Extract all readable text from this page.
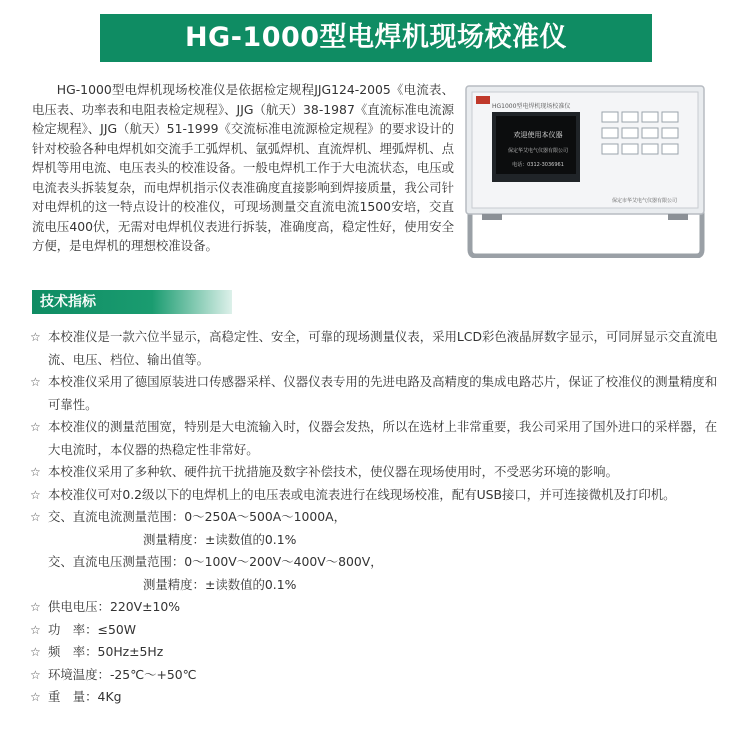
HG-1000型电焊机现场校准仪
HG1000型电焊机现场校准仪
欢迎使用本仪器
保定华艾电气仪器有限公司
电话：0312-3036961
保定市华艾电气仪器有限公司

HG-1000型电焊机现场校准仪是依据检定规程JJG124-2005《电流表、电压表、功率表和电阻表检定规程》、JJG（航天）38-1987《直流标准电流源检定规程》、JJG（航天）51-1999《交流标准电流源检定规程》的要求设计的针对校验各种电焊机如交流手工弧焊机、氩弧焊机、直流焊机、埋弧焊机、点焊机等用电流、电压表头的校准设备。一般电焊机工作于大电流状态，电压或电流表头拆装复杂，而电焊机指示仪表准确度直接影响到焊接质量，我公司针对电焊机的这一特点设计的校准仪，可现场测量交直流电流1500安培，交直流电压400伏，无需对电焊机仪表进行拆装，准确度高，稳定性好，使用安全方便，是电焊机的理想校准设备。

技术指标
☆ 本校准仪是一款六位半显示，高稳定性、安全，可靠的现场测量仪表，采用LCD彩色液晶屏数字显示，可同屏显示交直流电流、电压、档位、输出值等。
☆ 本校准仪采用了德国原装进口传感器采样、仪器仪表专用的先进电路及高精度的集成电路芯片，保证了校准仪的测量精度和可靠性。
☆ 本校准仪的测量范围宽，特别是大电流输入时，仪器会发热，所以在选材上非常重要，我公司采用了国外进口的采样器，在大电流时，本仪器的热稳定性非常好。
☆ 本校准仪采用了多种软、硬件抗干扰措施及数字补偿技术，使仪器在现场使用时，不受恶劣环境的影响。
☆ 本校准仪可对0.2级以下的电焊机上的电压表或电流表进行在线现场校准，配有USB接口，并可连接微机及打印机。
☆ 交、直流电流测量范围：0～250A～500A～1000A，
测量精度：±读数值的0.1%
交、直流电压测量范围：0～100V～200V～400V～800V，
测量精度：±读数值的0.1%
☆ 供电电压：220V±10%
☆ 功　率：≤50W
☆ 频　率：50Hz±5Hz
☆ 环境温度：-25℃～+50℃
☆ 重　量：4Kg
